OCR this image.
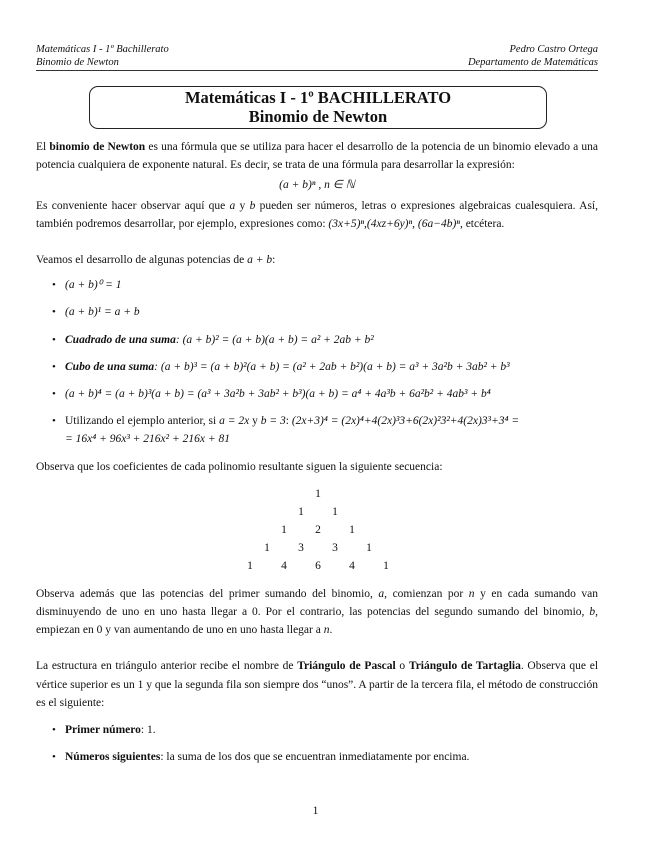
Matemáticas I - 1º Bachillerato
Binomio de Newton
Pedro Castro Ortega
Departamento de Matemáticas
Matemáticas I - 1º BACHILLERATO
Binomio de Newton

El binomio de Newton es una fórmula que se utiliza para hacer el desarrollo de la potencia de un binomio elevado a una potencia cualquiera de exponente natural. Es decir, se trata de una fórmula para desarrollar la expresión:

(a + b)ⁿ , n ∈ ℕ

Es conveniente hacer observar aquí que a y b pueden ser números, letras o expresiones algebraicas cualesquiera. Así, también podremos desarrollar, por ejemplo, expresiones como: (3x+5)ⁿ,(4xz+6y)ⁿ, (6a−4b)ⁿ, etcétera.

Veamos el desarrollo de algunas potencias de a + b:

• (a + b)⁰ = 1
• (a + b)¹ = a + b
• Cuadrado de una suma: (a + b)² = (a + b)(a + b) = a² + 2ab + b²
• Cubo de una suma: (a + b)³ = (a + b)²(a + b) = (a² + 2ab + b²)(a + b) = a³ + 3a²b + 3ab² + b³
• (a + b)⁴ = (a + b)³(a + b) = (a³ + 3a²b + 3ab² + b³)(a + b) = a⁴ + 4a³b + 6a²b² + 4ab³ + b⁴
• Utilizando el ejemplo anterior, si a = 2x y b = 3: (2x+3)⁴ = (2x)⁴+4(2x)³3+6(2x)²3²+4(2x)3³+3⁴ =
= 16x⁴ + 96x³ + 216x² + 216x + 81

Observa que los coeficientes de cada polinomio resultante siguen la siguiente secuencia:

1
1	1
1	2	1
1	3	3	1
1	4	6	4	1

Observa además que las potencias del primer sumando del binomio, a, comienzan por n y en cada sumando van disminuyendo de uno en uno hasta llegar a 0. Por el contrario, las potencias del segundo sumando del binomio, b, empiezan en 0 y van aumentando de uno en uno hasta llegar a n.

La estructura en triángulo anterior recibe el nombre de Triángulo de Pascal o Triángulo de Tartaglia. Observa que el vértice superior es un 1 y que la segunda fila son siempre dos “unos”. A partir de la tercera fila, el método de construcción es el siguiente:

• Primer número: 1.
• Números siguientes: la suma de los dos que se encuentran inmediatamente por encima.
1
